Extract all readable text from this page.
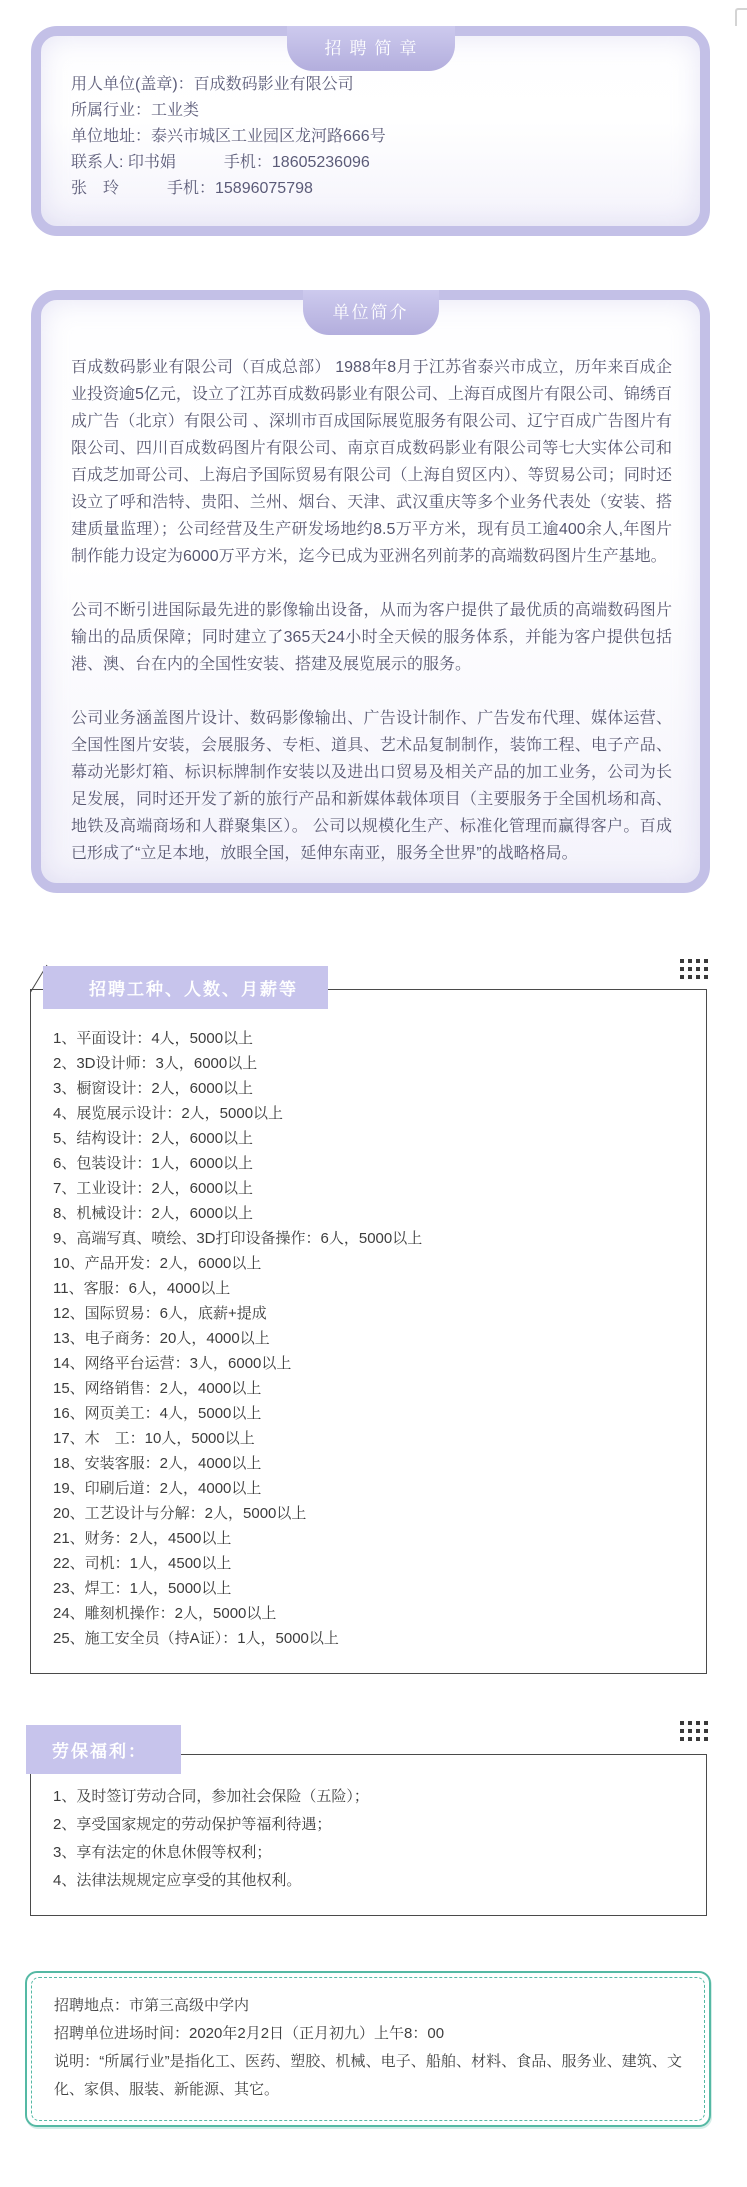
招聘简章
用人单位(盖章)：百成数码影业有限公司
所属行业：工业类
单位地址：泰兴市城区工业园区龙河路666号
联系人: 印书娟　　　手机：18605236096
张　玲　　　手机：15896075798
单位简介

百成数码影业有限公司（百成总部） 1988年8月于江苏省泰兴市成立，历年来百成企业投资逾5亿元，设立了江苏百成数码影业有限公司、上海百成图片有限公司、锦绣百成广告（北京）有限公司 、深圳市百成国际展览服务有限公司、辽宁百成广告图片有限公司、四川百成数码图片有限公司、南京百成数码影业有限公司等七大实体公司和百成芝加哥公司、上海启予国际贸易有限公司（上海自贸区内）、等贸易公司；同时还设立了呼和浩特、贵阳、兰州、烟台、天津、武汉重庆等多个业务代表处（安装、搭建质量监理）；公司经营及生产研发场地约8.5万平方米，现有员工逾400余人,年图片制作能力设定为6000万平方米，迄今已成为亚洲名列前茅的高端数码图片生产基地。

公司不断引进国际最先进的影像输出设备，从而为客户提供了最优质的高端数码图片输出的品质保障；同时建立了365天24小时全天候的服务体系，并能为客户提供包括港、澳、台在内的全国性安装、搭建及展览展示的服务。

公司业务涵盖图片设计、数码影像输出、广告设计制作、广告发布代理、媒体运营、全国性图片安装，会展服务、专柜、道具、艺术品复制制作，装饰工程、电子产品、幕动光影灯箱、标识标牌制作安装以及进出口贸易及相关产品的加工业务，公司为长足发展，同时还开发了新的旅行产品和新媒体载体项目（主要服务于全国机场和高、地铁及高端商场和人群聚集区）。 公司以规模化生产、标准化管理而赢得客户。百成已形成了“立足本地，放眼全国，延伸东南亚，服务全世界”的战略格局。

招聘工种、人数、月薪等
1、平面设计：4人，5000以上
2、3D设计师：3人，6000以上
3、橱窗设计：2人，6000以上
4、展览展示设计：2人，5000以上
5、结构设计：2人，6000以上
6、包装设计：1人，6000以上
7、工业设计：2人，6000以上
8、机械设计：2人，6000以上
9、高端写真、喷绘、3D打印设备操作：6人，5000以上
10、产品开发：2人，6000以上
11、客服：6人，4000以上
12、国际贸易：6人，底薪+提成
13、电子商务：20人，4000以上
14、网络平台运营：3人，6000以上
15、网络销售：2人，4000以上
16、网页美工：4人，5000以上
17、木　工：10人，5000以上
18、安装客服：2人，4000以上
19、印刷后道：2人，4000以上
20、工艺设计与分解：2人，5000以上
21、财务：2人，4500以上
22、司机：1人，4500以上
23、焊工：1人，5000以上
24、雕刻机操作：2人，5000以上
25、施工安全员（持A证）：1人，5000以上
劳保福利：
1、及时签订劳动合同，参加社会保险（五险）；
2、享受国家规定的劳动保护等福利待遇；
3、享有法定的休息休假等权利；
4、法律法规规定应享受的其他权利。
招聘地点：市第三高级中学内
招聘单位进场时间：2020年2月2日（正月初九）上午8：00
说明：“所属行业”是指化工、医药、塑胶、机械、电子、船舶、材料、食品、服务业、建筑、文化、家俱、服装、新能源、其它。
